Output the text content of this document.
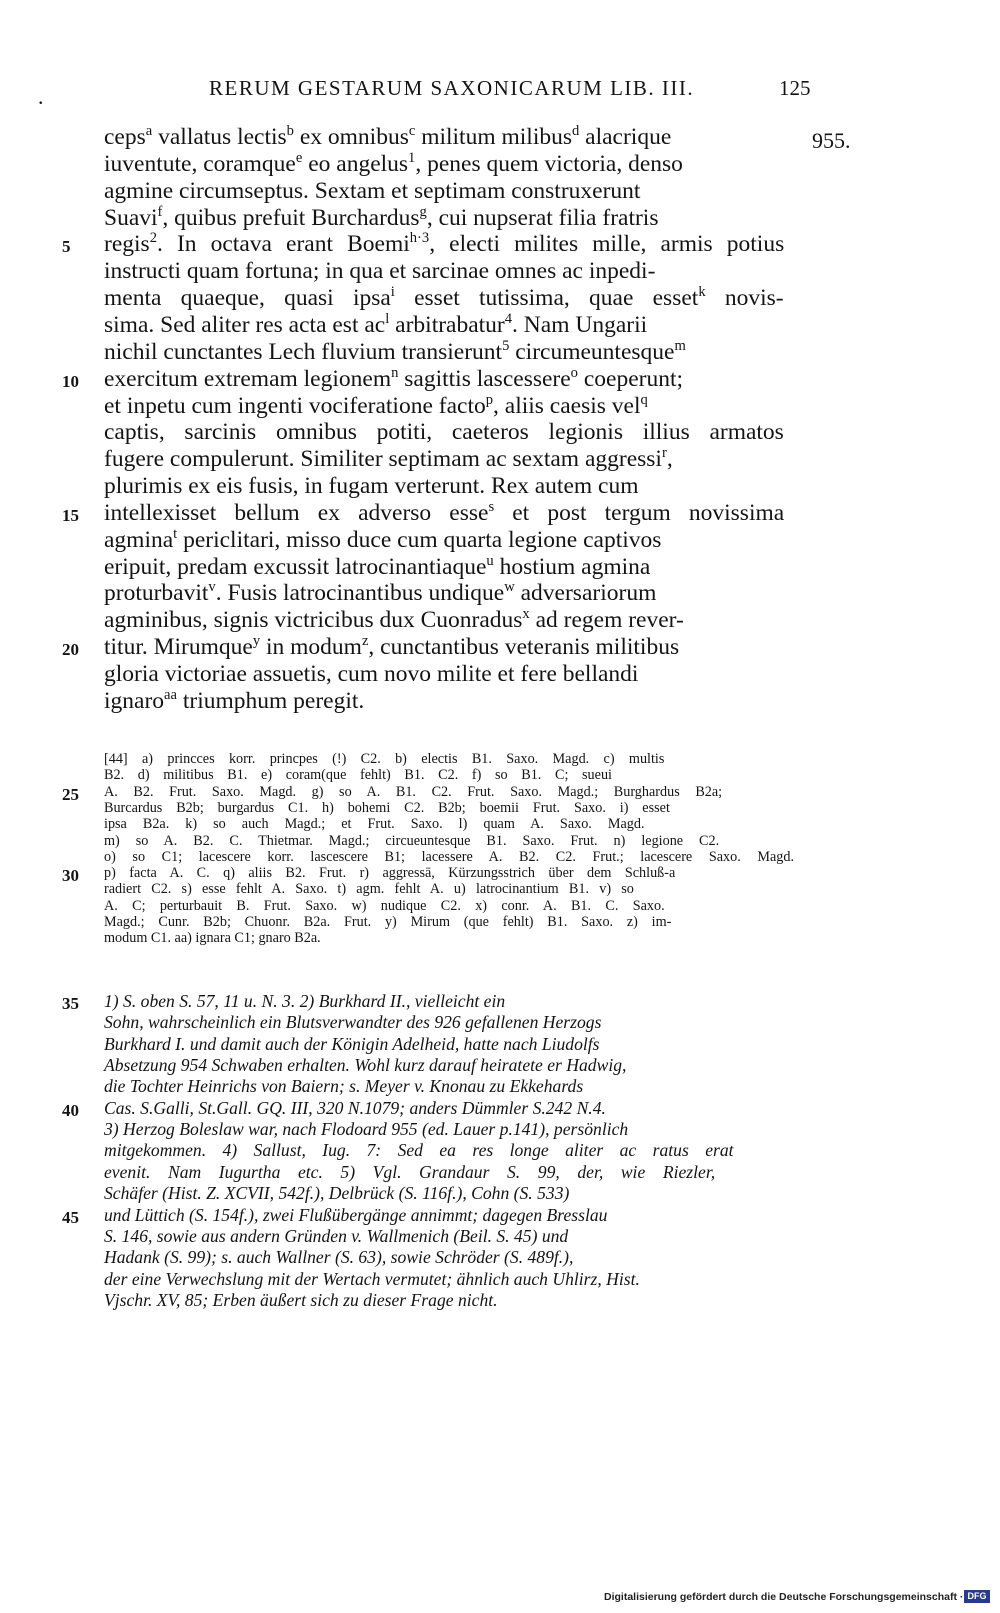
.	RERUM GESTARUM SAXONICARUM LIB. III.	125
955.
ceps$^a$ vallatus lectis$^b$ ex omnibus$^c$ militum milibus$^d$ alacrique
iuventute, coramque$^e$ eo angelus$^1$, penes quem victoria, denso
agmine circumseptus. Sextam et septimam construxerunt
Suavi$^f$, quibus prefuit Burchardus$^g$, cui nupserat filia fratris
regis$^2$. In octava erant Boemi$^{h\cdot 3}$, electi milites mille, armis potius
5
instructi quam fortuna; in qua et sarcinae omnes ac inpedi-
menta quaeque, quasi ipsa$^i$ esset tutissima, quae esset$^k$ novis-
sima. Sed aliter res acta est $ac^l$ arbitrabatur$^4$. Nam Ungarii
nichil cunctantes Lech fluvium transierunt$^5$ circumeuntesque$^m$
exercitum extremam legionem$^n$ sagittis lascessere$^o$ coeperunt;
10
et inpetu cum ingenti vociferatione facto$^p$, aliis caesis vel$^q$
captis, sarcinis omnibus potiti, caeteros legionis illius armatos
fugere compulerunt. Similiter septimam ac sextam aggressi$^r$,
plurimis ex eis fusis, in fugam verterunt. Rex autem cum
intellexisset bellum ex adverso esse$^s$ et post tergum novissima
15
agmina$^t$ periclitari, misso duce cum quarta legione captivos
eripuit, predam excussit latrocinantiaque$^u$ hostium agmina
proturbavit$^v$. Fusis latrocinantibus undique$^w$ adversariorum
agminibus, signis victricibus dux Cuonradus$^x$ ad regem rever-
titur. Mirumque$^y$ in modum$^z$, cunctantibus veteranis militibus
20
gloria victoriae assuetis, cum novo milite et fere bellandi
ignaro$^{aa}$ triumphum peregit.
[44] a) princces korr. princpes (!) C2. b) electis B1. Saxo. Magd. c) multis
B2. d) militibus B1. e) coram(que fehlt) B1. C2. f) so B1. C; sueui
A. B2. Frut. Saxo. Magd. g) so A. B1. C2. Frut. Saxo. Magd.; Burghardus B2a;
25
Burcardus B2b; burgardus C1. h) bohemi C2. B2b; boemii Frut. Saxo. i) esset
ipsa B2a. k) so auch Magd.; et Frut. Saxo. l) quam A. Saxo. Magd.
m) so A. B2. C. Thietmar. Magd.; circueuntesque B1. Saxo. Frut. n) legione C2.
o) so C1; lacescere korr. lascescere B1; lacessere A. B2. C2. Frut.; lacescere Saxo. Magd.
p) facta A. C. q) aliis B2. Frut. r) aggressā, Kürzungsstrich über dem Schluß-a
30
radiert C2. s) esse fehlt A. Saxo. t) agm. fehlt A. u) latrocinantium B1. v) so
A. C; perturbauit B. Frut. Saxo. w) nudique C2. x) conr. A. B1. C. Saxo.
Magd.; Cunr. B2b; Chuonr. B2a. Frut. y) Mirum (que fehlt) B1. Saxo. z) im-
modum C1. aa) ignara C1; gnaro B2a.
1) S. oben S. 57, 11 u. N. 3. 2) Burkhard II., vielleicht ein
35
Sohn, wahrscheinlich ein Blutsverwandter des 926 gefallenen Herzogs
Burkhard I. und damit auch der Königin Adelheid, hatte nach Liudolfs
Absetzung 954 Schwaben erhalten. Wohl kurz darauf heiratete er Hadwig,
die Tochter Heinrichs von Baiern; s. Meyer v. Knonau zu Ekkehards
Cas. S.Galli, St.Gall. GQ. III, 320 N.1079; anders Dümmler S.242 N.4.
40
3) Herzog Boleslaw war, nach Flodoard 955 (ed. Lauer p.141), persönlich
mitgekommen. 4) Sallust, Iug. 7: Sed ea res longe aliter ac ratus erat
evenit. Nam Iugurtha etc. 5) Vgl. Grandaur S. 99, der, wie Riezler,
Schäfer (Hist. Z. XCVII, 542f.), Delbrück (S. 116f.), Cohn (S. 533)
und Lüttich (S. 154f.), zwei Flußübergänge annimmt; dagegen Bresslau
45
S. 146, sowie aus andern Gründen v. Wallmenich (Beil. S. 45) und
Hadank (S. 99); s. auch Wallner (S. 63), sowie Schröder (S. 489f.),
der eine Verwechslung mit der Wertach vermutet; ähnlich auch Uhlirz, Hist.
Vjschr. XV, 85; Erben äußert sich zu dieser Frage nicht.
Digitalisierung gefördert durch die Deutsche Forschungsgemeinschaft · DFG
